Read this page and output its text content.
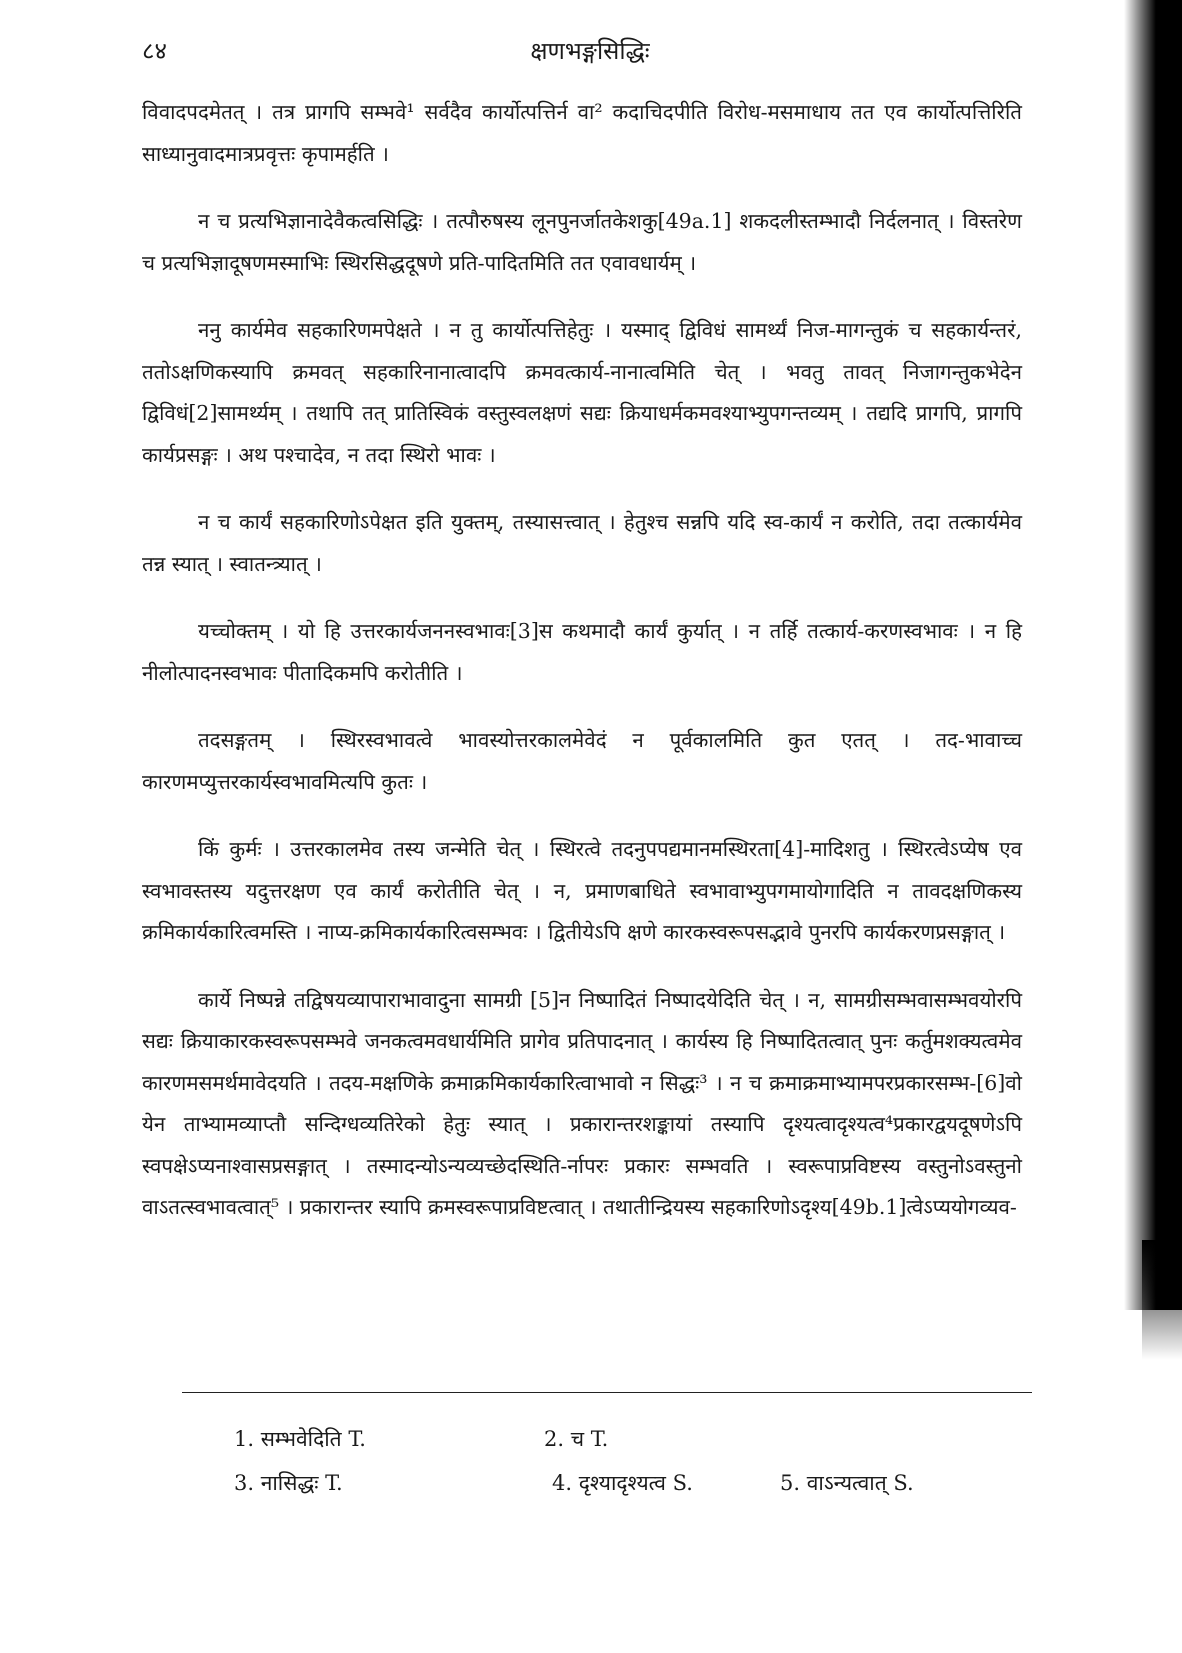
८४	क्षणभङ्गसिद्धिः

विवादपदमेतत् । तत्र प्रागपि सम्भवे¹ सर्वदैव कार्योत्पत्तिर्न वा² कदाचिदपीति विरोध-मसमाधाय तत एव कार्योत्पत्तिरिति साध्यानुवादमात्रप्रवृत्तः कृपामर्हति ।

न च प्रत्यभिज्ञानादेवैकत्वसिद्धिः । तत्पौरुषस्य लूनपुनर्जातकेशकु[49a.1] शकदलीस्तम्भादौ निर्दलनात् । विस्तरेण च प्रत्यभिज्ञादूषणमस्माभिः स्थिरसिद्धदूषणे प्रति-पादितमिति तत एवावधार्यम् ।

ननु कार्यमेव सहकारिणमपेक्षते । न तु कार्योत्पत्तिहेतुः । यस्माद् द्विविधं सामर्थ्यं निज-मागन्तुकं च सहकार्यन्तरं, ततोऽक्षणिकस्यापि क्रमवत् सहकारिनानात्वादपि क्रमवत्कार्य-नानात्वमिति चेत् । भवतु तावत् निजागन्तुकभेदेन द्विविधं[2]सामर्थ्यम् । तथापि तत् प्रातिस्विकं वस्तुस्वलक्षणं सद्यः क्रियाधर्मकमवश्याभ्युपगन्तव्यम् । तद्यदि प्रागपि, प्रागपि कार्यप्रसङ्गः । अथ पश्चादेव, न तदा स्थिरो भावः ।

न च कार्यं सहकारिणोऽपेक्षत इति युक्तम्, तस्यासत्त्वात् । हेतुश्च सन्नपि यदि स्व-कार्यं न करोति, तदा तत्कार्यमेव तन्न स्यात् । स्वातन्त्र्यात् ।

यच्चोक्तम् । यो हि उत्तरकार्यजननस्वभावः[3]स कथमादौ कार्यं कुर्यात् । न तर्हि तत्कार्य-करणस्वभावः । न हि नीलोत्पादनस्वभावः पीतादिकमपि करोतीति ।

तदसङ्गतम् । स्थिरस्वभावत्वे भावस्योत्तरकालमेवेदं न पूर्वकालमिति कुत एतत् । तद-भावाच्च कारणमप्युत्तरकार्यस्वभावमित्यपि कुतः ।

किं कुर्मः । उत्तरकालमेव तस्य जन्मेति चेत् । स्थिरत्वे तदनुपपद्यमानमस्थिरता[4]-मादिशतु । स्थिरत्वेऽप्येष एव स्वभावस्तस्य यदुत्तरक्षण एव कार्यं करोतीति चेत् । न, प्रमाणबाधिते स्वभावाभ्युपगमायोगादिति न तावदक्षणिकस्य क्रमिकार्यकारित्वमस्ति । नाप्य-क्रमिकार्यकारित्वसम्भवः । द्वितीयेऽपि क्षणे कारकस्वरूपसद्भावे पुनरपि कार्यकरणप्रसङ्गात् ।

कार्ये निष्पन्ने तद्विषयव्यापाराभावादुना सामग्री [5]न निष्पादितं निष्पादयेदिति चेत् । न, सामग्रीसम्भवासम्भवयोरपि सद्यः क्रियाकारकस्वरूपसम्भवे जनकत्वमवधार्यमिति प्रागेव प्रतिपादनात् । कार्यस्य हि निष्पादितत्वात् पुनः कर्तुमशक्यत्वमेव कारणमसमर्थमावेदयति । तदय-मक्षणिके क्रमाक्रमिकार्यकारित्वाभावो न सिद्धः³ । न च क्रमाक्रमाभ्यामपरप्रकारसम्भ-[6]वो येन ताभ्यामव्याप्तौ सन्दिग्धव्यतिरेको हेतुः स्यात् । प्रकारान्तरशङ्कायां तस्यापि दृश्यत्वादृश्यत्व⁴प्रकारद्वयदूषणेऽपि स्वपक्षेऽप्यनाश्वासप्रसङ्गात् । तस्मादन्योऽन्यव्यच्छेदस्थिति-र्नापरः प्रकारः सम्भवति । स्वरूपाप्रविष्टस्य वस्तुनोऽवस्तुनो वाऽतत्स्वभावत्वात्⁵ । प्रकारान्तर स्यापि क्रमस्वरूपाप्रविष्टत्वात् । तथातीन्द्रियस्य सहकारिणोऽदृश्य[49b.1]त्वेऽप्ययोगव्यव-

1. सम्भवेदिति T.	2. च T.
3. नासिद्धः T.	4. दृश्यादृश्यत्व S.	5. वाऽन्यत्वात् S.
